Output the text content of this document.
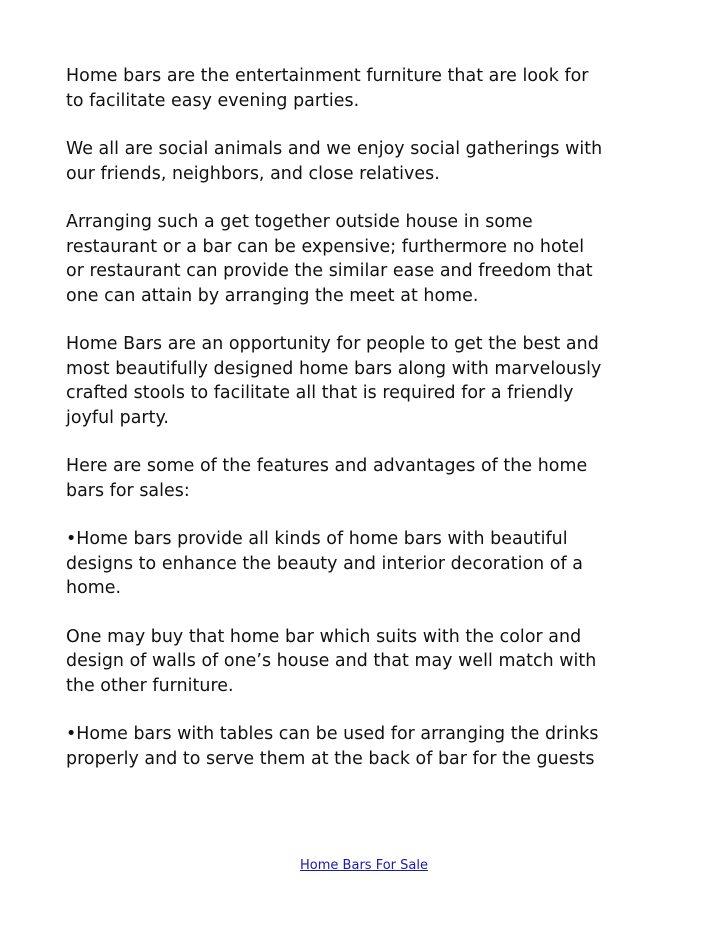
Home bars are the entertainment furniture that are look for
to facilitate easy evening parties.

We all are social animals and we enjoy social gatherings with
our friends, neighbors, and close relatives.

Arranging such a get together outside house in some
restaurant or a bar can be expensive; furthermore no hotel
or restaurant can provide the similar ease and freedom that
one can attain by arranging the meet at home.

Home Bars are an opportunity for people to get the best and
most beautifully designed home bars along with marvelously
crafted stools to facilitate all that is required for a friendly
joyful party.

Here are some of the features and advantages of the home
bars for sales:

•Home bars provide all kinds of home bars with beautiful
designs to enhance the beauty and interior decoration of a
home.

One may buy that home bar which suits with the color and
design of walls of one’s house and that may well match with
the other furniture.

•Home bars with tables can be used for arranging the drinks
properly and to serve them at the back of bar for the guests

Home Bars For Sale
